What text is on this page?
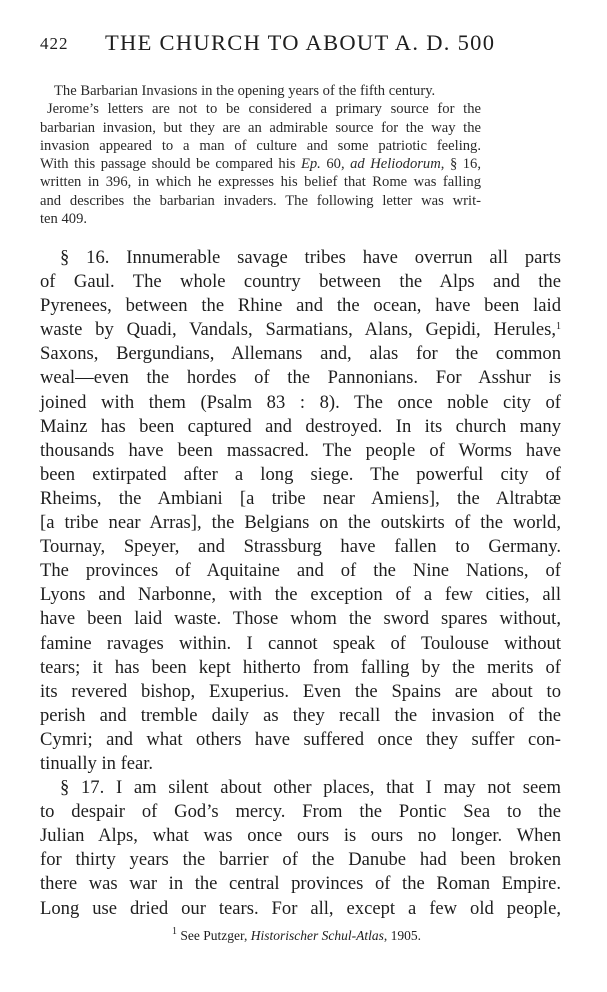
422 THE CHURCH TO ABOUT A. D. 500
The Barbarian Invasions in the opening years of the fifth century.
Jerome’s letters are not to be considered a primary source for the
barbarian invasion, but they are an admirable source for the way the
invasion appeared to a man of culture and some patriotic feeling.
With this passage should be compared his Ep. 60, ad Heliodorum, § 16,
written in 396, in which he expresses his belief that Rome was falling
and describes the barbarian invaders. The following letter was writ-
ten 409.
§ 16. Innumerable savage tribes have overrun all parts
of Gaul. The whole country between the Alps and the
Pyrenees, between the Rhine and the ocean, have been laid
waste by Quadi, Vandals, Sarmatians, Alans, Gepidi, Herules,$^1$
Saxons, Bergundians, Allemans and, alas for the common
weal—even the hordes of the Pannonians. For Asshur is
joined with them (Psalm 83 : 8). The once noble city of
Mainz has been captured and destroyed. In its church many
thousands have been massacred. The people of Worms have
been extirpated after a long siege. The powerful city of
Rheims, the Ambiani [a tribe near Amiens], the Altrabtæ
[a tribe near Arras], the Belgians on the outskirts of the world,
Tournay, Speyer, and Strassburg have fallen to Germany.
The provinces of Aquitaine and of the Nine Nations, of
Lyons and Narbonne, with the exception of a few cities, all
have been laid waste. Those whom the sword spares without,
famine ravages within. I cannot speak of Toulouse without
tears; it has been kept hitherto from falling by the merits of
its revered bishop, Exuperius. Even the Spains are about to
perish and tremble daily as they recall the invasion of the
Cymri; and what others have suffered once they suffer con-
tinually in fear.
§ 17. I am silent about other places, that I may not seem
to despair of God’s mercy. From the Pontic Sea to the
Julian Alps, what was once ours is ours no longer. When
for thirty years the barrier of the Danube had been broken
there was war in the central provinces of the Roman Empire.
Long use dried our tears. For all, except a few old people,
$^1$ See Putzger, Historischer Schul-Atlas, 1905.
